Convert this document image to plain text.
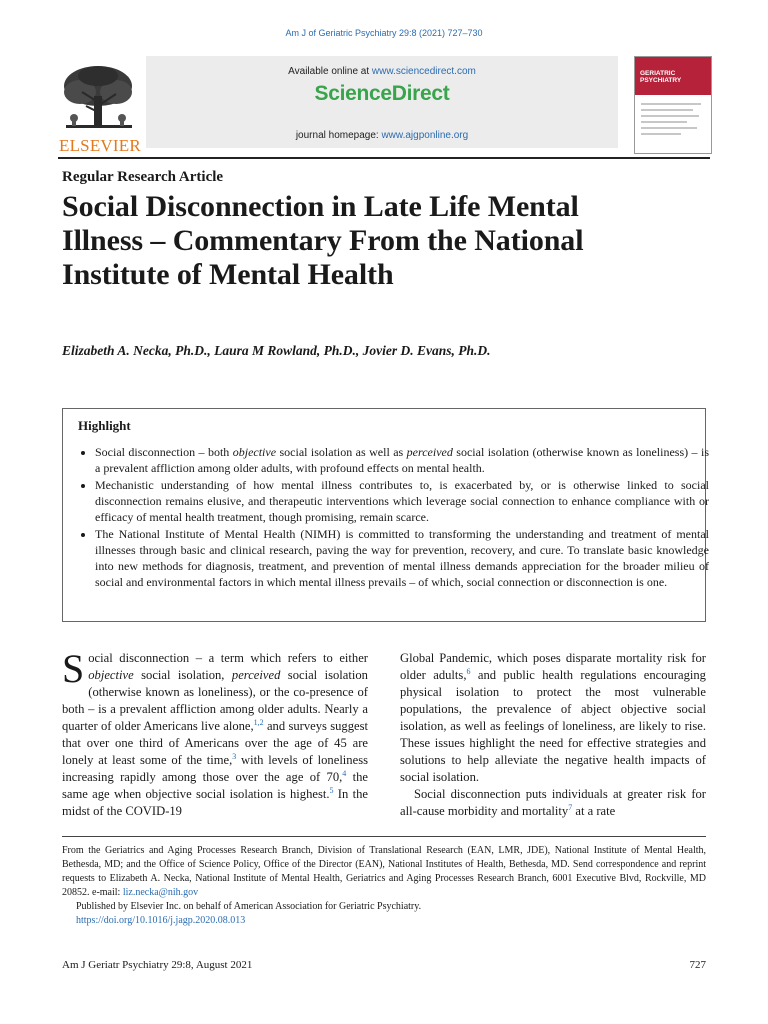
Am J of Geriatric Psychiatry 29:8 (2021) 727–730
ELSEVIER
Available online at www.sciencedirect.com
ScienceDirect
journal homepage: www.ajgponline.org
GERIATRIC
PSYCHIATRY
Regular Research Article
Social Disconnection in Late Life Mental Illness – Commentary From the National Institute of Mental Health
Elizabeth A. Necka, Ph.D., Laura M Rowland, Ph.D., Jovier D. Evans, Ph.D.
Highlight
• Social disconnection – both objective social isolation as well as perceived social isolation (otherwise known as loneliness) – is a prevalent affliction among older adults, with profound effects on mental health.
• Mechanistic understanding of how mental illness contributes to, is exacerbated by, or is otherwise linked to social disconnection remains elusive, and therapeutic interventions which leverage social connection to enhance compliance with or efficacy of mental health treatment, though promising, remain scarce.
• The National Institute of Mental Health (NIMH) is committed to transforming the understanding and treatment of mental illnesses through basic and clinical research, paving the way for prevention, recovery, and cure. To translate basic knowledge into new methods for diagnosis, treatment, and prevention of mental illness demands appreciation for the broader milieu of social and environmental factors in which mental illness prevails – of which, social connection or disconnection is one.

Social disconnection – a term which refers to either objective social isolation, perceived social isolation (otherwise known as loneliness), or the co-presence of both – is a prevalent affliction among older adults. Nearly a quarter of older Americans live alone,$^{1,2}$ and surveys suggest that over one third of Americans over the age of 45 are lonely at least some of the time,$^3$ with levels of loneliness increasing rapidly among those over the age of 70,$^4$ the same age when objective social isolation is highest.$^5$ In the midst of the COVID-19

Global Pandemic, which poses disparate mortality risk for older adults,$^6$ and public health regulations encouraging physical isolation to protect the most vulnerable populations, the prevalence of abject objective social isolation, as well as feelings of loneliness, are likely to rise. These issues highlight the need for effective strategies and solutions to help alleviate the negative health impacts of social isolation.

Social disconnection puts individuals at greater risk for all-cause morbidity and mortality$^7$ at a rate

From the Geriatrics and Aging Processes Research Branch, Division of Translational Research (EAN, LMR, JDE), National Institute of Mental Health, Bethesda, MD; and the Office of Science Policy, Office of the Director (EAN), National Institutes of Health, Bethesda, MD. Send correspondence and reprint requests to Elizabeth A. Necka, National Institute of Mental Health, Geriatrics and Aging Processes Research Branch, 6001 Executive Blvd, Rockville, MD 20852. e-mail: liz.necka@nih.gov

Published by Elsevier Inc. on behalf of American Association for Geriatric Psychiatry.

https://doi.org/10.1016/j.jagp.2020.08.013

Am J Geriatr Psychiatry 29:8, August 2021	727
